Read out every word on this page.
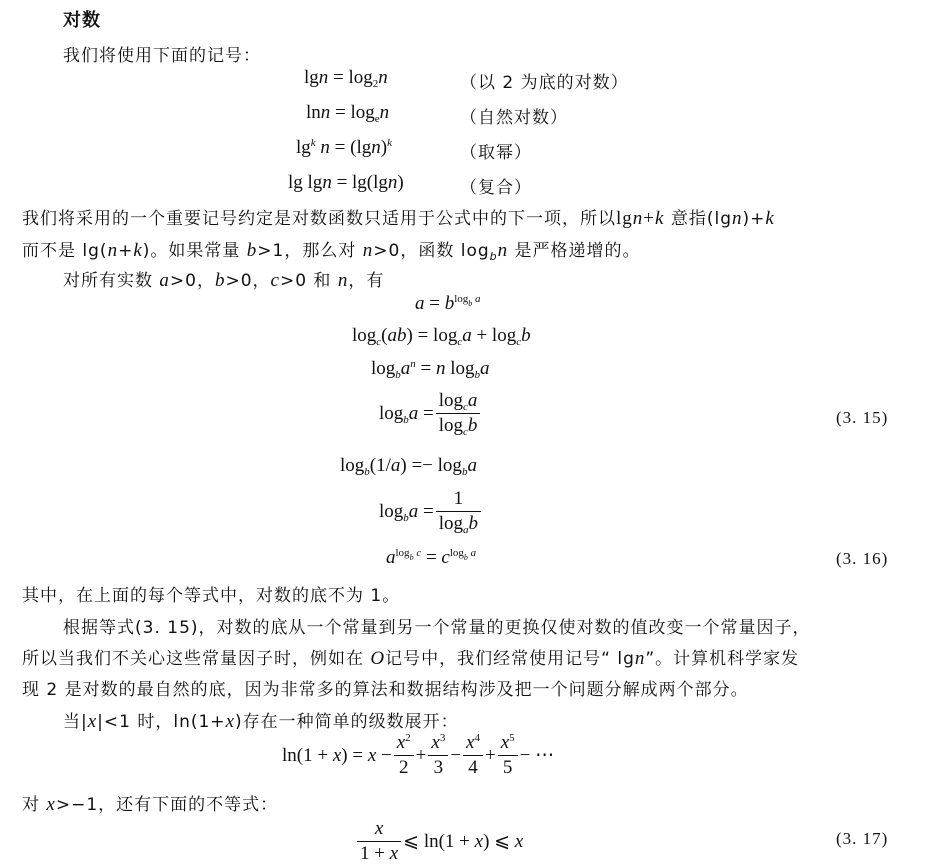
对数
我们将使用下面的记号：
$\lg n = \log_2n$	（以 2 为底的对数）
$\ln n = \log_en$	（自然对数）
$\lg^k n = (\lg n)^k$	（取幂）
lg lgn = lg(lgn)	（复合）
我们将采用的一个重要记号约定是对数函数只适用于公式中的下一项，所以lgn+k 意指(lgn)+k
而不是 lg(n+k)。如果常量 b>1，那么对 n>0，函数 $\log_bn$ 是严格递增的。
对所有实数 a>0，b>0，c>0 和 n，有
$a = b^{log_b a}$
$\log_c(ab) = \log_ca + \log_cb$
$\log_ba^n = n$ $\log_ba$
$\log_ba = \frac{\log_ca}{\log_cb}$	(3. 15)
$\log_b(1/a) =- \log_ba$
$\log_ba = \frac{1}{\log_ab}$
$a^{log_b c} = c^{log_b a}$	(3. 16)
其中，在上面的每个等式中，对数的底不为 1。
根据等式(3. 15)，对数的底从一个常量到另一个常量的更换仅使对数的值改变一个常量因子，
所以当我们不关心这些常量因子时，例如在 O记号中，我们经常使用记号“ lgn”。计算机科学家发
现 2 是对数的最自然的底，因为非常多的算法和数据结构涉及把一个问题分解成两个部分。
当|x|<1 时，ln(1+x)存在一种简单的级数展开：
$\ln(1 + x) = x - \frac{x^2}{2} + \frac{x^3}{3} - \frac{x^4}{4} + \frac{x^5}{5}$ − ⋯
对 x>−1，还有下面的不等式：
$\frac{x}{1 + x}$ ⩽ ln(1 + x) ⩽ x	(3. 17)
